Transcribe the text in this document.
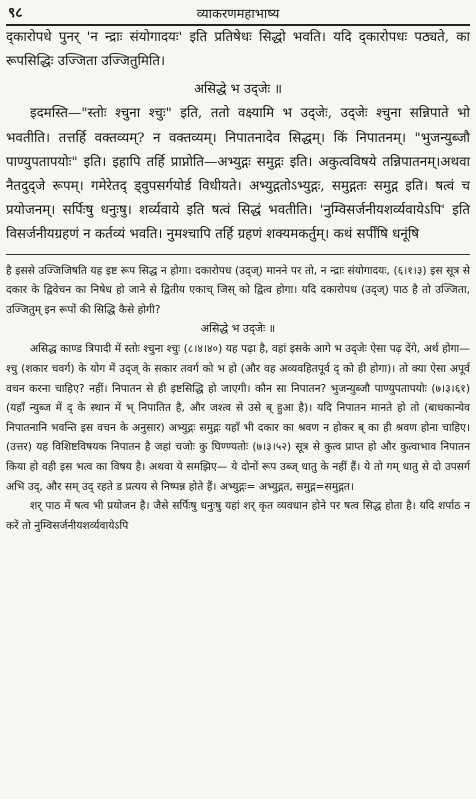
९८	व्याकरणमहाभाष्य

द्कारोपधे पुनर् 'न न्द्राः संयोगादयः' इति प्रतिषेधः सिद्धो भवति। यदि द्कारोपधः पठ्यते, का रूपसिद्धिः उज्जिता उज्जितुमिति।

असिद्धे भ उद्जेः ॥

इदमस्ति—"स्तोः श्चुना श्चुः" इति, ततो वक्ष्यामि भ उद्जेः, उद्जेः श्चुना सन्निपाते भो भवतीति। तत्तर्हि वक्तव्यम्? न वक्तव्यम्। निपातनादेव सिद्धम्। किं निपातनम्। "भुजन्युब्जौ पाण्युपतापयोः" इति। इहापि तर्हि प्राप्नोति—अभ्युद्गः समुद्गः इति। अकुत्वविषये तन्निपातनम्।अथवा नैतदुद्जे रूपम्। गमेरेतद् ड्वुपसर्गयोर्ड विधीयते। अभ्युद्गतोऽभ्युद्गः, समुद्गतः समुद्ग इति। षत्वं च प्रयोजनम्। सर्पिःषु धनुःषु। शर्व्यवाये इति षत्वं सिद्धं भवतीति। 'नुम्विसर्जनीयशर्व्यवायेऽपि' इति विसर्जनीयग्रहणं न कर्तव्यं भवति। नुमश्चापि तर्हि ग्रहणं शक्यमकर्तुम्। कथं सर्पींषि धनूंषि

है इससे उज्जिजिषति यह इष्ट रूप सिद्ध न होगा। दकारोपध (उद्ज्) मानने पर तो, न न्द्राः संयोगादयः, (६।१।३) इस सूत्र से दकार के द्विवेचन का निषेध हो जाने से द्वितीय एकाच् जिस् को द्वित्व होगा। यदि दकारोपध (उद्ज्) पाठ है तो उज्जिता, उज्जितुम् इन रूपों की सिद्धि कैसे होगी?

असिद्धे भ उद्जेः ॥

असिद्ध काण्ड त्रिपादी में स्तोः श्चुना श्चुः (८।४।४०) यह पढ़ा है, वहां इसके आगे भ उद्जेः ऐसा पढ़ देंगे, अर्थ होगा— श्चु (शकार चवर्ग) के योग में उद्ज् के सकार तवर्ग को भ हो (और वह अव्यवहितपूर्व द् को ही होगा)। तो क्या ऐसा अपूर्व वचन करना चाहिए? नहीं। निपातन से ही इष्टसिद्धि हो जाएगी। कौन सा निपातन? भुजन्युब्जौ पाण्युपतापयोः (७।३।६१) (यहाँ न्युब्ज में द् के स्थान में भ् निपातित है, और जश्त्व से उसे ब् हुआ है)। यदि निपातन मानते हो तो (बाधकान्येव निपातनानि भवन्ति इस वचन के अनुसार) अभ्युद्गः समुद्गः यहाँ भी दकार का श्रवण न होकर ब् का ही श्रवण होना चाहिए। (उत्तर) यह विशिष्टविषयक निपातन है जहां चजोः कु घिण्ण्यतोः (७।३।५२) सूत्र से कुत्व प्राप्त हो और कुत्वाभाव निपातन किया हो वही इस भत्व का विषय है। अथवा ये समझिए— ये दोनों रूप उब्ज् धातु के नहीं हैं। ये तो गम् धातु से दो उपसर्ग अभि उद्, और सम् उद् रहते ड प्रत्यय से निष्पन्न होते हैं। अभ्युद्गः= अभ्युद्गत, समुद्ग=समुद्गत।

शर् पाठ में षत्व भी प्रयोजन है। जैसे सर्पिःषु धनुःषु यहां शर् कृत व्यवधान होने पर षत्व सिद्ध होता है। यदि शर्पाठ न करें तो नुम्विसर्जनीयशर्व्यवायेऽपि
